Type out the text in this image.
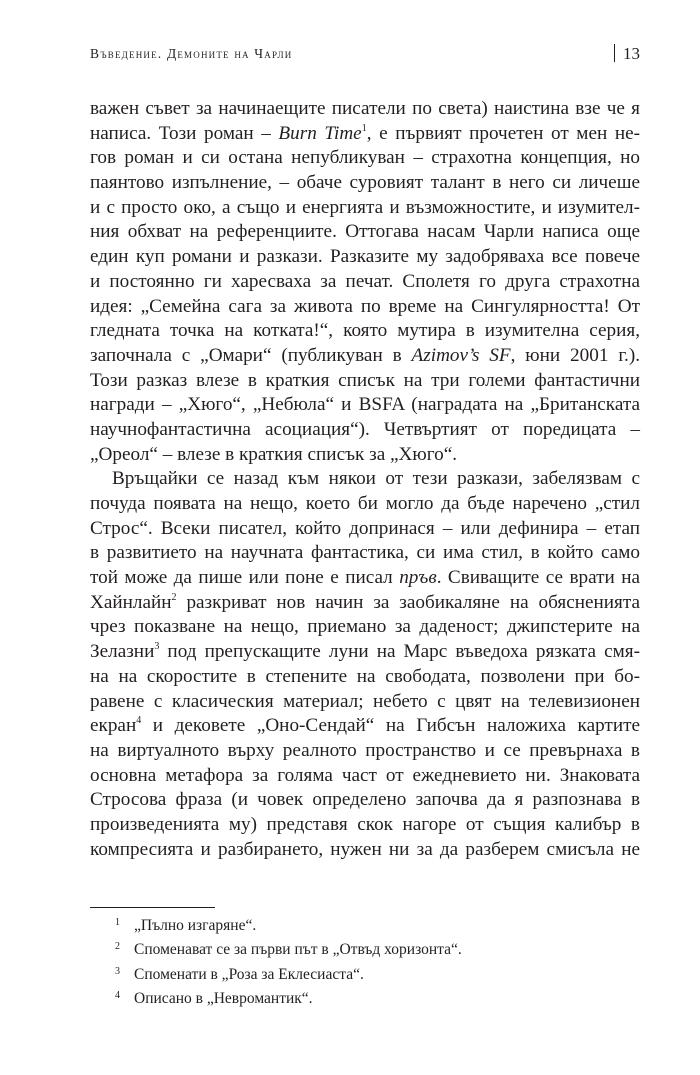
Въведение. Демоните на Чарли	13
важен съвет за начинаещите писатели по света) наистина взе че я
написа. Този роман – Burn Time$^1$, е първият прочетен от мен не-
гов роман и си остана непубликуван – страхотна концепция, но
паянтово изпълнение, – обаче суровият талант в него си личеше
и с просто око, а също и енергията и възможностите, и изумител-
ния обхват на референциите. Оттогава насам Чарли написа още
един куп романи и разкази. Разказите му задобряваха все повече
и постоянно ги харесваха за печат. Сполетя го друга страхотна
идея: „Семейна сага за живота по време на Сингулярността! От
гледната точка на котката!“, която мутира в изумителна серия,
започнала с „Омари“ (публикуван в Azimov’s SF, юни 2001 г.).
Този разказ влезе в краткия списък на три големи фантастични
награди – „Хюго“, „Небюла“ и BSFA (наградата на „Британската
научнофантастична асоциация“). Четвъртият от поредицата –
„Ореол“ – влезе в краткия списък за „Хюго“.
Връщайки се назад към някои от тези разкази, забелязвам с
почуда появата на нещо, което би могло да бъде наречено „стил
Строс“. Всеки писател, който допринася – или дефинира – етап
в развитието на научната фантастика, си има стил, в който само
той може да пише или поне е писал пръв. Свиващите се врати на
Хайнлайн$^2$ разкриват нов начин за заобикаляне на обясненията
чрез показване на нещо, приемано за даденост; джипстерите на
Зелазни$^3$ под препускащите луни на Марс въведоха рязката смя-
на на скоростите в степените на свободата, позволени при бо-
равене с класическия материал; небето с цвят на телевизионен
екран$^4$ и дековете „Оно-Сендай“ на Гибсън наложиха картите
на виртуалното върху реалното пространство и се превърнаха в
основна метафора за голяма част от ежедневието ни. Знаковата
Стросова фраза (и човек определено започва да я разпознава в
произведенията му) представя скок нагоре от същия калибър в
компресията и разбирането, нужен ни за да разберем смисъла не
1 „Пълно изгаряне“.
2 Споменават се за първи път в „Отвъд хоризонта“.
3 Споменати в „Роза за Еклесиаста“.
4 Описано в „Невромантик“.
